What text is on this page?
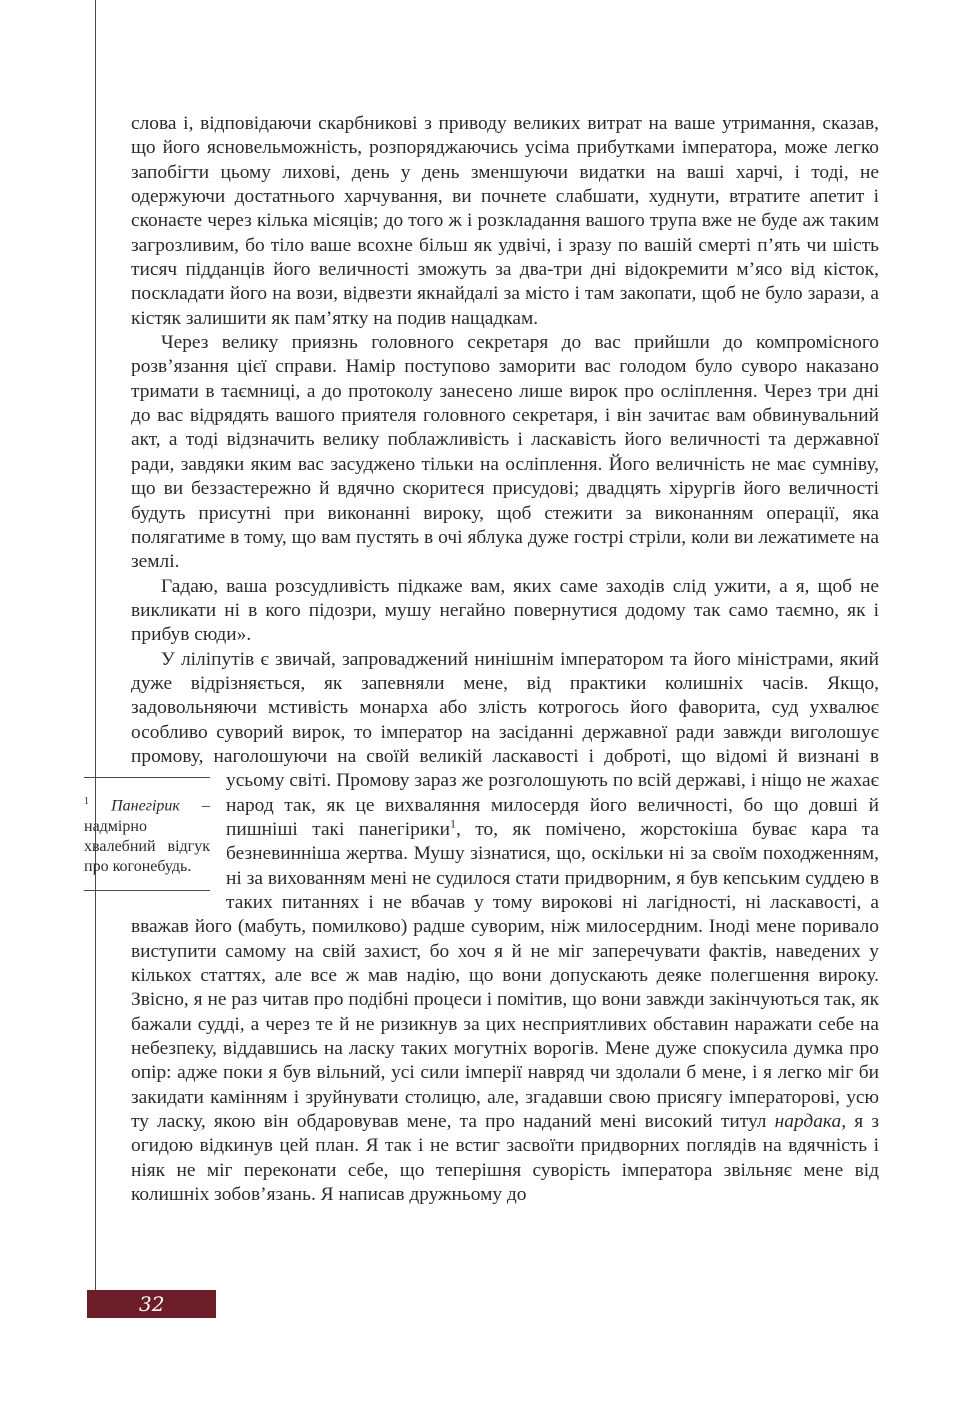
слова і, відповідаючи скарбникові з приводу великих витрат на ваше утримання, сказав, що його ясновельможність, розпоряджаючись усіма прибутками імператора, може легко запобігти цьому лихові, день у день зменшуючи видатки на ваші харчі, і тоді, не одержуючи достатнього харчування, ви почнете слабшати, худнути, втратите апетит і сконаєте через кілька місяців; до того ж і розкладання вашого трупа вже не буде аж таким загрозливим, бо тіло ваше всохне більш як удвічі, і зразу по вашій смерті п’ять чи шість тисяч підданців його величності зможуть за два-три дні відокремити м’ясо від кісток, поскладати його на вози, відвезти якнайдалі за місто і там закопати, щоб не було зарази, а кістяк залишити як пам’ятку на подив нащадкам.

Через велику приязнь головного секретаря до вас прийшли до компромісного розв’язання цієї справи. Намір поступово заморити вас голодом було суворо наказано тримати в таємниці, а до протоколу занесено лише вирок про осліплення. Через три дні до вас відрядять вашого приятеля головного секретаря, і він зачитає вам обвинувальний акт, а тоді відзначить велику поблажливість і ласкавість його величності та державної ради, завдяки яким вас засуджено тільки на осліплення. Його величність не має сумніву, що ви беззастережно й вдячно скоритеся присудові; двадцять хірургів його величності будуть присутні при виконанні вироку, щоб стежити за виконанням операції, яка полягатиме в тому, що вам пустять в очі яблука дуже гострі стріли, коли ви лежатимете на землі.

Гадаю, ваша розсудливість підкаже вам, яких саме заходів слід ужити, а я, щоб не викликати ні в кого підозри, мушу негайно повернутися додому так само таємно, як і прибув сюди».

У ліліпутів є звичай, запроваджений нинішнім імператором та його міністрами, який дуже відрізняється, як запевняли мене, від практики колишніх часів. Якщо, задовольняючи мстивість монарха або злість котрогось його фаворита, суд ухвалює особливо суворий вирок, то імператор на засіданні державної ради завжди виголошує промову, наголошуючи на своїй великій ласкавості і доброті, що відомі й визнані в усьому світі. Промову зараз же розголошують по всій
$^1$ Панегірик – надмірно хвалебний відгук про когонебудь.
державі, і ніщо не жахає народ так, як це вихваляння милосердя його величності, бо що довші й пишніші такі панегірики$^1$, то, як помічено, жорстокіша буває кара та безневинніша жертва. Мушу зізнатися, що, оскільки ні за своїм походженням, ні за вихованням мені не судилося стати придворним, я був кепським суддею в таких питаннях і не вбачав у тому вирокові ні лагідності, ні ласкавості, а вважав його (мабуть, помилково) радше суворим, ніж милосердним. Іноді мене поривало виступити самому на свій захист, бо хоч я й не міг заперечувати фактів, наведених у кількох статтях, але все ж мав надію, що вони допускають деяке полегшення вироку. Звісно, я не раз читав про подібні процеси і помітив, що вони завжди закінчуються так, як бажали судді, а через те й не ризикнув за цих несприятливих обставин наражати себе на небезпеку, віддавшись на ласку таких могутніх ворогів. Мене дуже спокусила думка про опір: адже поки я був вільний, усі сили імперії навряд чи здолали б мене, і я легко міг би закидати камінням і зруйнувати столицю, але, згадавши свою присягу імператорові, усю ту ласку, якою він обдаровував мене, та про наданий мені високий титул нардака, я з огидою відкинув цей план. Я так і не встиг засвоїти придворних поглядів на вдячність і ніяк не міг переконати себе, що теперішня суворість імператора звільняє мене від колишніх зобов’язань. Я написав дружньому до

32
